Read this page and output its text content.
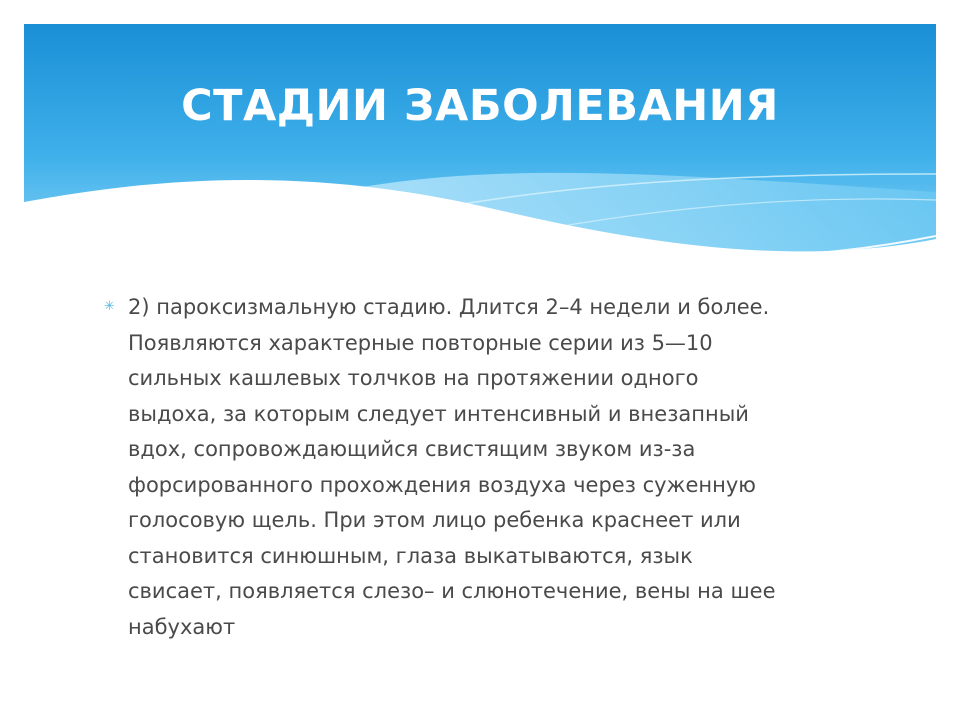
СТАДИИ ЗАБОЛЕВАНИЯ
✳ 2) пароксизмальную стадию. Длится 2–4 недели и более.
Появляются характерные повторные серии из 5—10
сильных кашлевых толчков на протяжении одного
выдоха, за которым следует интенсивный и внезапный
вдох, сопровождающийся свистящим звуком из-за
форсированного прохождения воздуха через суженную
голосовую щель. При этом лицо ребенка краснеет или
становится синюшным, глаза выкатываются, язык
свисает, появляется слезо– и слюнотечение, вены на шее
набухают
